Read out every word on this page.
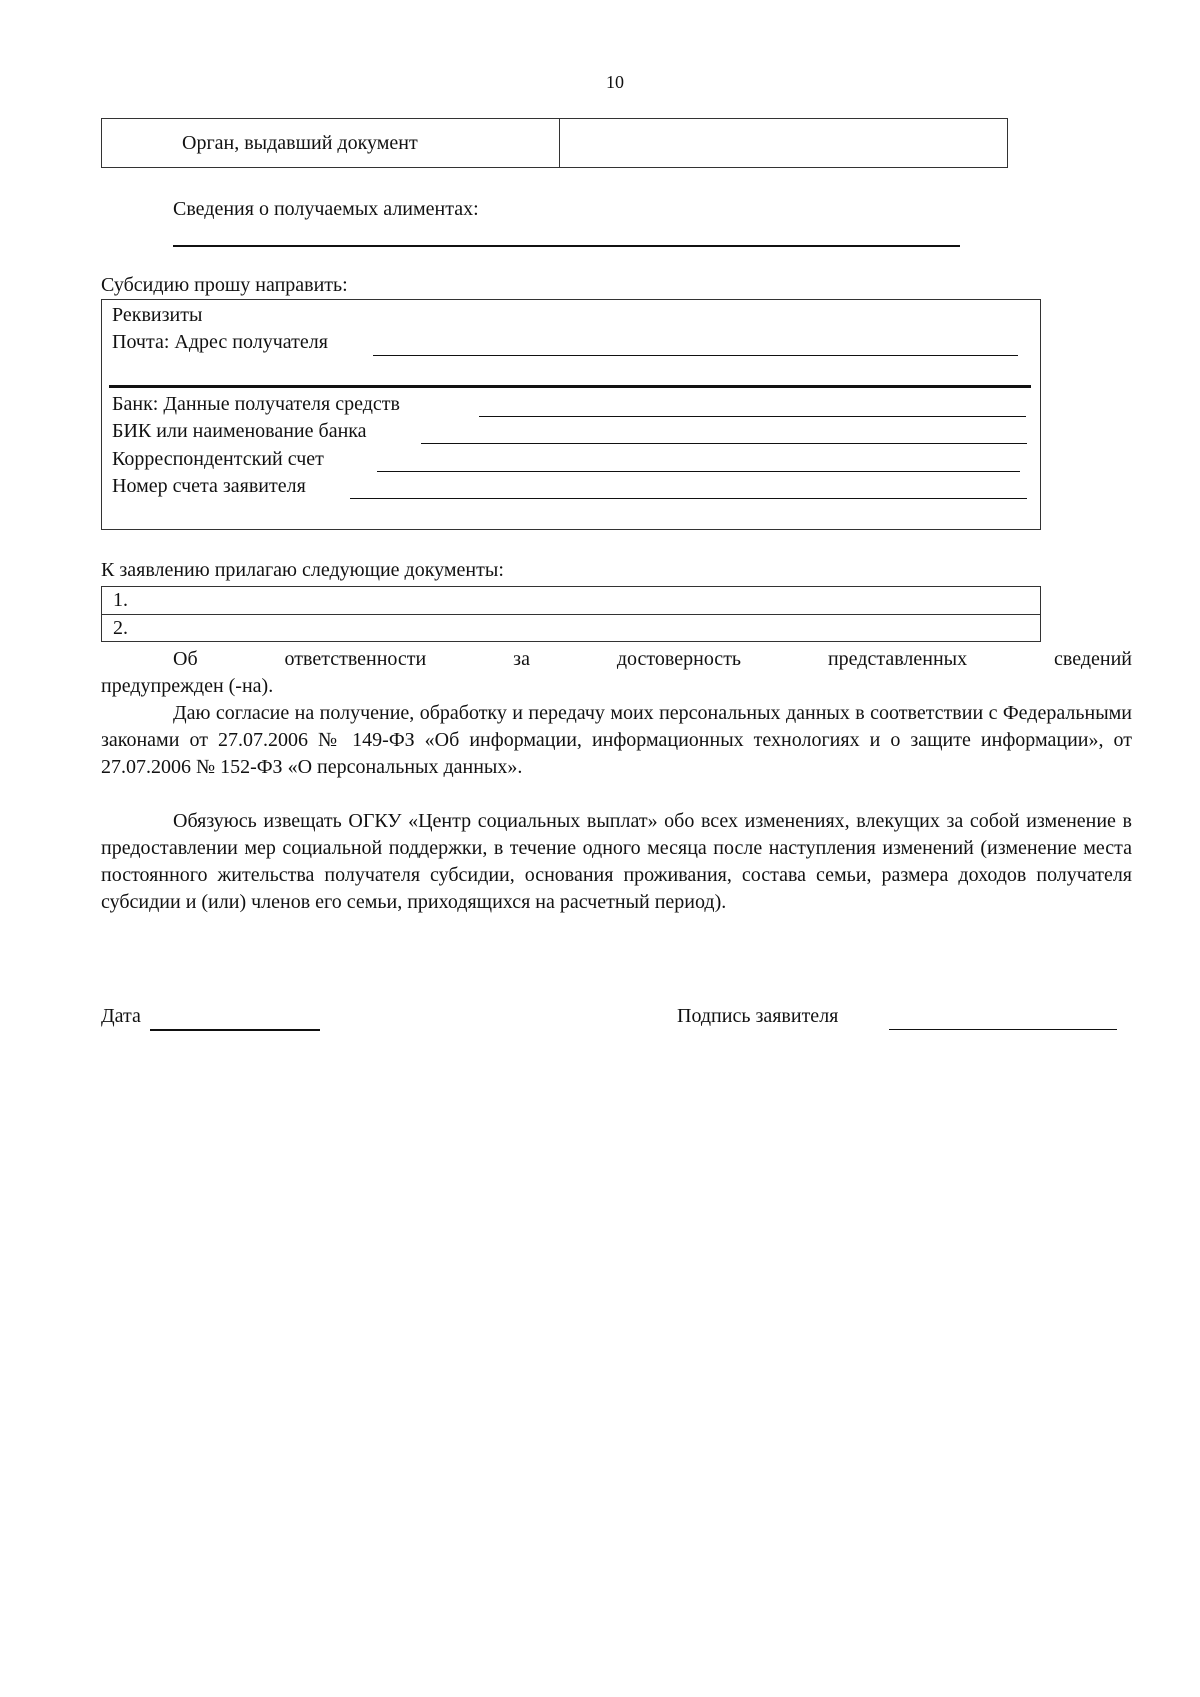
10
Орган, выдавший документ
Сведения о получаемых алиментах:
Субсидию прошу направить:
Реквизиты
Почта: Адрес получателя
Банк: Данные получателя средств
БИК или наименование банка
Корреспондентский счет
Номер счета заявителя
К заявлению прилагаю следующие документы:
1.
2.
Об ответственности за достоверность представленных сведений
предупрежден (-на).
Даю согласие на получение, обработку и передачу моих персональных данных в соответствии с Федеральными законами от 27.07.2006 № 149-ФЗ «Об информации, информационных технологиях и о защите информации», от 27.07.2006 № 152-ФЗ «О персональных данных».
Обязуюсь извещать ОГКУ «Центр социальных выплат» обо всех изменениях, влекущих за собой изменение в предоставлении мер социальной поддержки, в течение одного месяца после наступления изменений (изменение места постоянного жительства получателя субсидии, основания проживания, состава семьи, размера доходов получателя субсидии и (или) членов его семьи, приходящихся на расчетный период).
Дата	Подпись заявителя
